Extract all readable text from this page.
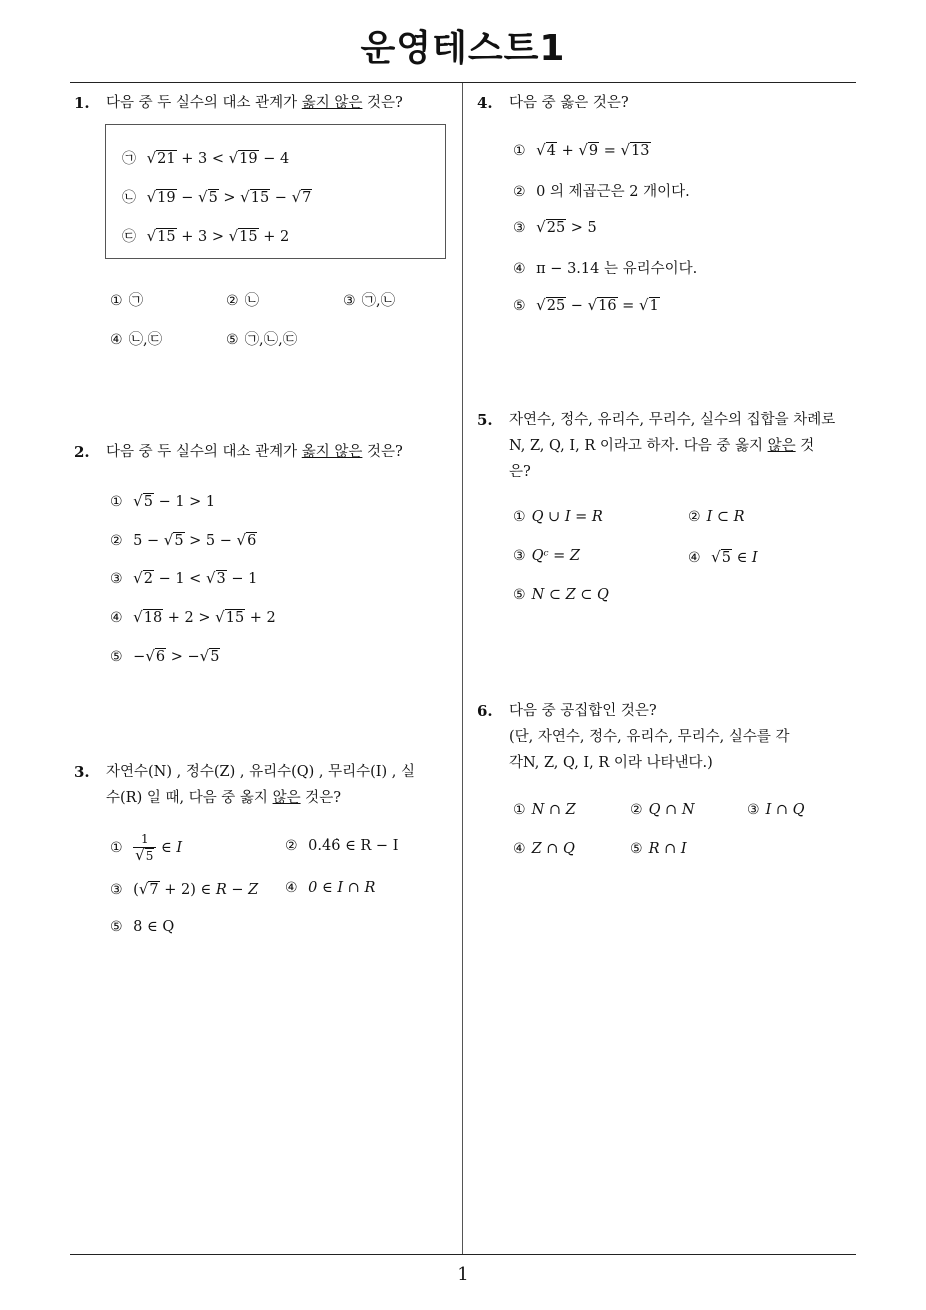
운영테스트1
1
1. 다음 중 두 실수의 대소 관계가 옳지 않은 것은?
㉠ √21 + 3 < √19 − 4
㉡ √19 − √5 > √15 − √7
㉢ √15 + 3 > √15 + 2
① ㉠	② ㉡	③ ㉠,㉡
④ ㉡,㉢	⑤ ㉠,㉡,㉢
2. 다음 중 두 실수의 대소 관계가 옳지 않은 것은?
① √5 − 1 > 1
② 5 − √5 > 5 − √6
③ √2 − 1 < √3 − 1
④ √18 + 2 > √15 + 2
⑤ −√6 > −√5
3. 자연수(N) , 정수(Z) , 유리수(Q) , 무리수(I) , 실
수(R) 일 때, 다음 중 옳지 않은 것은?
① $\frac{1}{√5}$ ∈ I	② 0.4̇6̇ ∈ R − I
③ (√7 + 2) ∈ R − Z ④ 0 ∈ I ∩ R
⑤ 8 ∈ Q
4. 다음 중 옳은 것은?
① √4 + √9 = √13
② 0 의 제곱근은 2 개이다.
③ √25 > 5
④ π − 3.14 는 유리수이다.
⑤ √25 − √16 = √1
5. 자연수, 정수, 유리수, 무리수, 실수의 집합을 차례로
N, Z, Q, I, R 이라고 하자. 다음 중 옳지 않은 것
은?
① Q ∪ I = R	② I ⊂ R
③ Qᶜ = Z	④ √5 ∈ I
⑤ N ⊂ Z ⊂ Q
6. 다음 중 공집합인 것은?
(단, 자연수, 정수, 유리수, 무리수, 실수를 각
각N, Z, Q, I, R 이라 나타낸다.)
① N ∩ Z	② Q ∩ N	③ I ∩ Q
④ Z ∩ Q	⑤ R ∩ I
